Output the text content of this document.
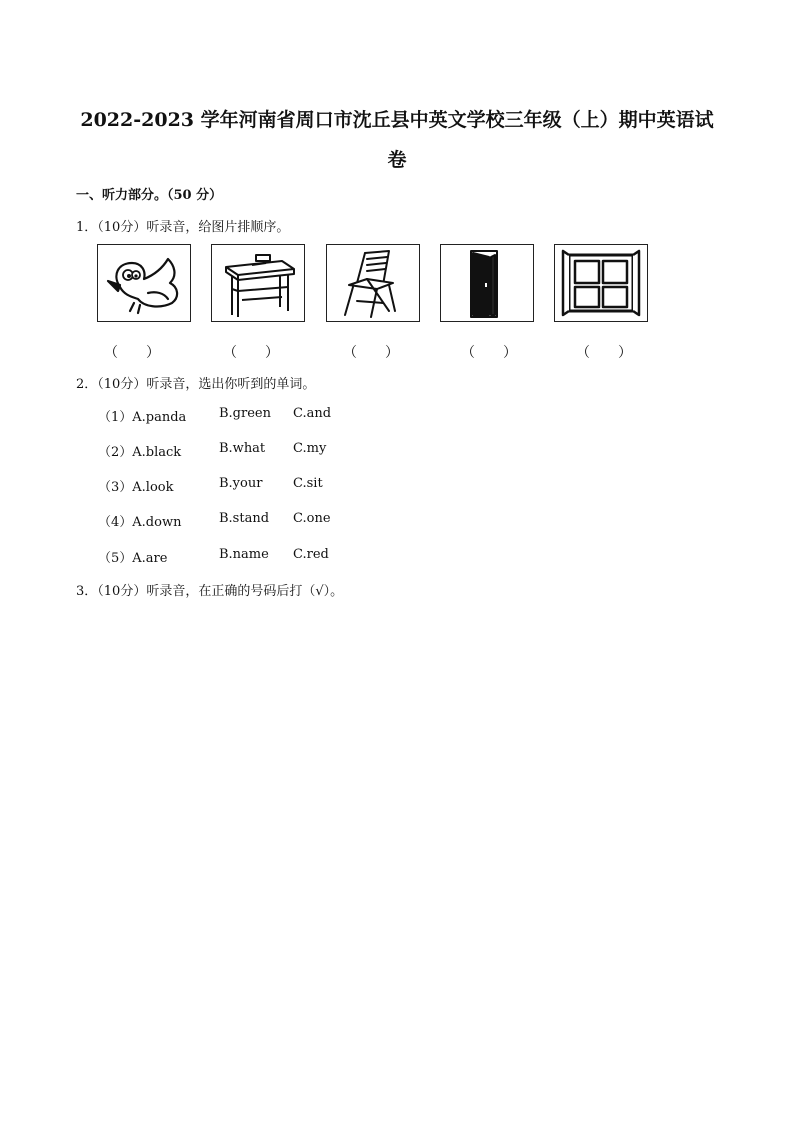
2022-2023 学年河南省周口市沈丘县中英文学校三年级（上）期中英语试
卷
一、听力部分。（50 分）
1．（10分）听录音，给图片排顺序。
（　　）	（　　）	（　　）	（　　）	（　　）
2．（10分）听录音，选出你听到的单词。
（1）A.panda	B.green C.and
（2）A.black	B.what C.my
（3）A.look	B.your C.sit
（4）A.down	B.stand C.one
（5）A.are	B.name C.red
3．（10分）听录音，在正确的号码后打（√）。
